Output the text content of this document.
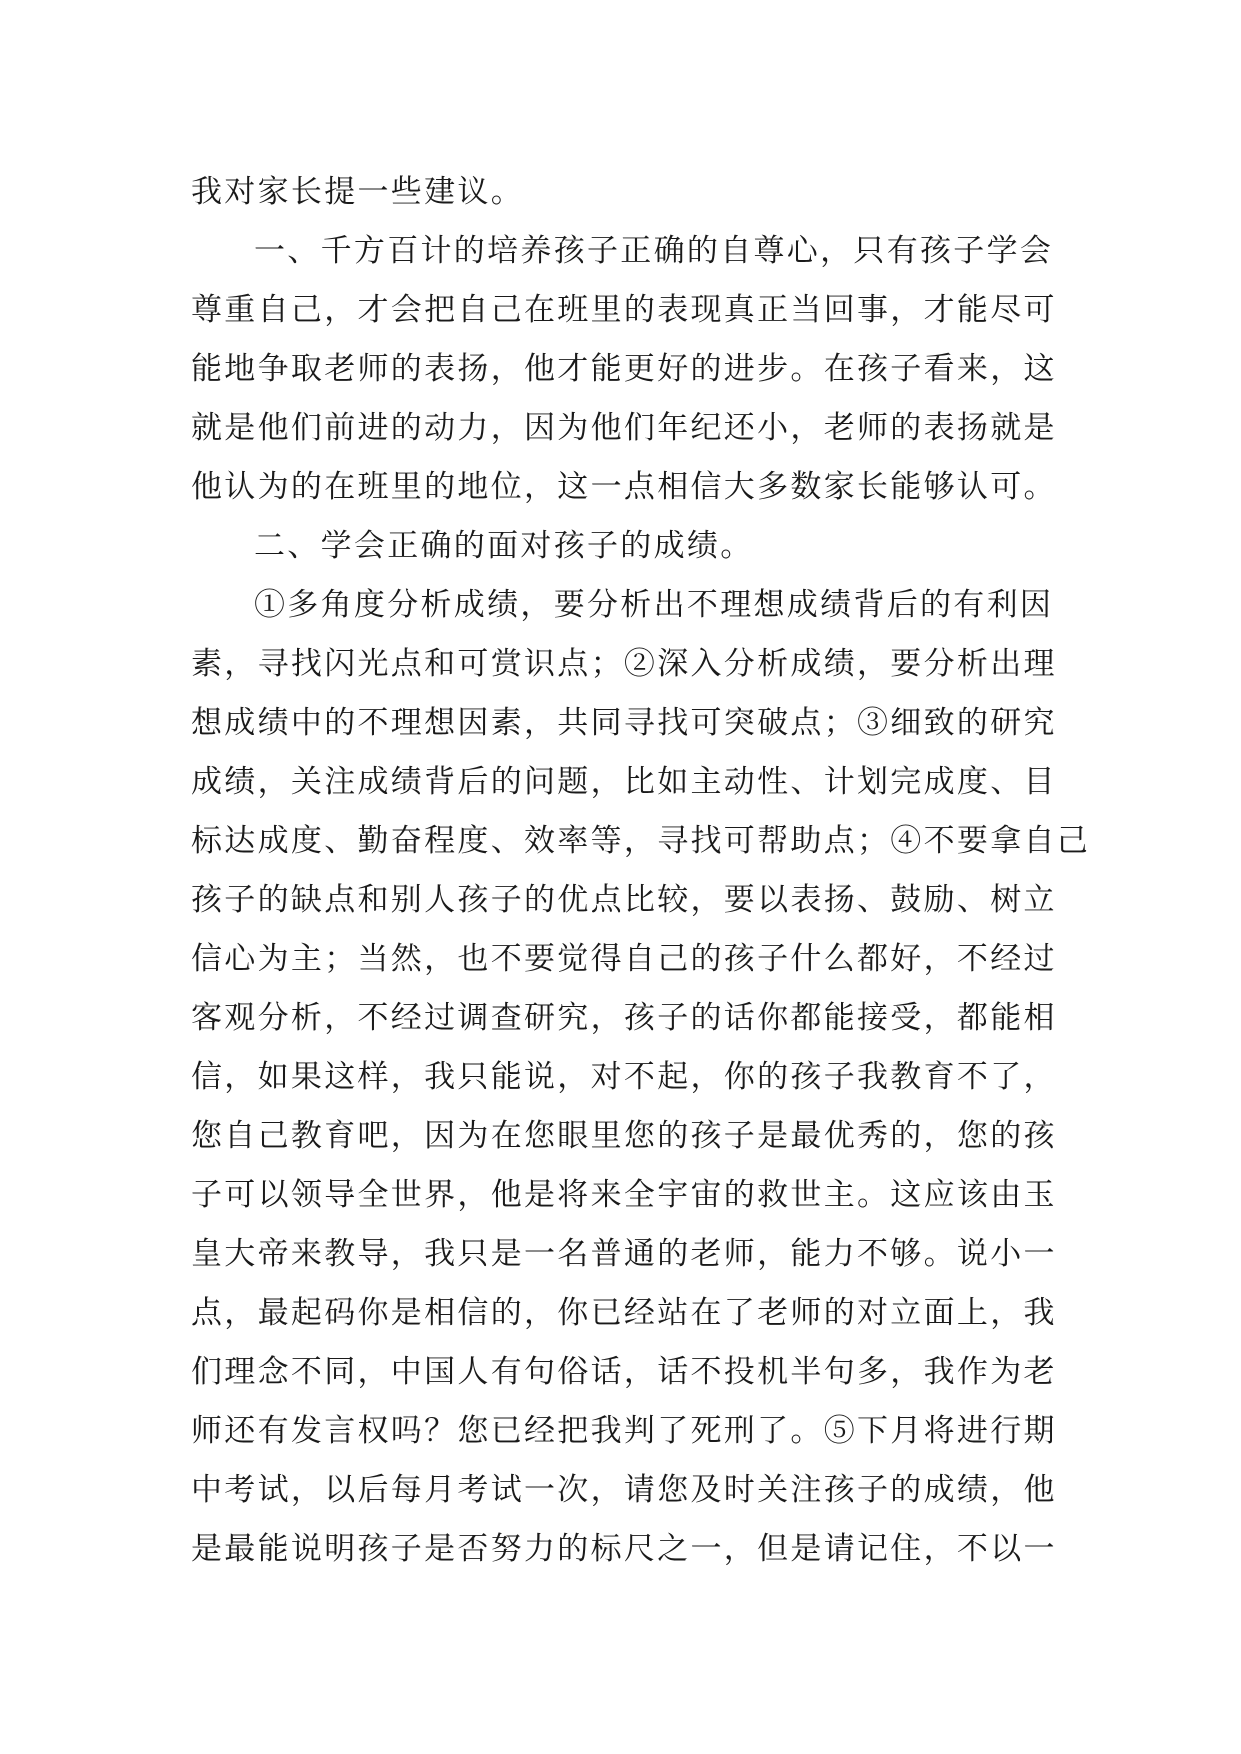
我对家长提一些建议。
一、千方百计的培养孩子正确的自尊心，只有孩子学会
尊重自己，才会把自己在班里的表现真正当回事，才能尽可
能地争取老师的表扬，他才能更好的进步。在孩子看来，这
就是他们前进的动力，因为他们年纪还小，老师的表扬就是
他认为的在班里的地位，这一点相信大多数家长能够认可。
二、学会正确的面对孩子的成绩。
①多角度分析成绩，要分析出不理想成绩背后的有利因
素，寻找闪光点和可赏识点；②深入分析成绩，要分析出理
想成绩中的不理想因素，共同寻找可突破点；③细致的研究
成绩，关注成绩背后的问题，比如主动性、计划完成度、目
标达成度、勤奋程度、效率等，寻找可帮助点；④不要拿自己
孩子的缺点和别人孩子的优点比较，要以表扬、鼓励、树立
信心为主；当然，也不要觉得自己的孩子什么都好，不经过
客观分析，不经过调查研究，孩子的话你都能接受，都能相
信，如果这样，我只能说，对不起，你的孩子我教育不了，
您自己教育吧，因为在您眼里您的孩子是最优秀的，您的孩
子可以领导全世界，他是将来全宇宙的救世主。这应该由玉
皇大帝来教导，我只是一名普通的老师，能力不够。说小一
点，最起码你是相信的，你已经站在了老师的对立面上，我
们理念不同，中国人有句俗话，话不投机半句多，我作为老
师还有发言权吗？您已经把我判了死刑了。⑤下月将进行期
中考试，以后每月考试一次，请您及时关注孩子的成绩，他
是最能说明孩子是否努力的标尺之一，但是请记住，不以一
